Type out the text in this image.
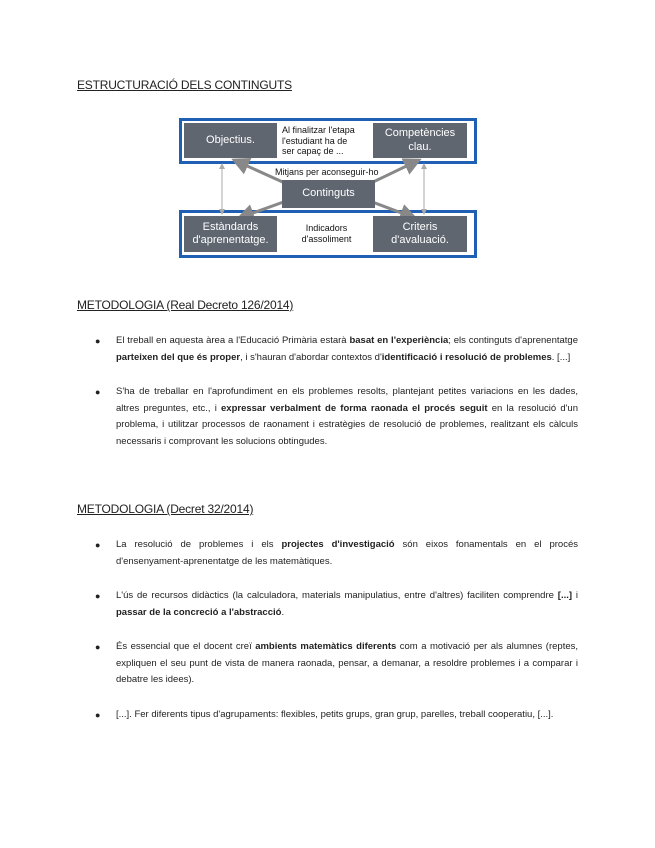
ESTRUCTURACIÓ DELS CONTINGUTS
Objectius.
Competències
clau.
Al finalitzar l'etapa
l'estudiant ha de
ser capaç de ...
Mitjans per aconseguir-ho
Continguts
Estàndards
d'aprenentatge.
Indicadors
d'assoliment
Criteris
d'avaluació.
METODOLOGIA (Real Decreto 126/2014)
● El treball en aquesta àrea a l'Educació Primària estarà basat en l'experiència; els continguts d'aprenentatge parteixen del que és proper, i s'hauran d'abordar contextos d'identificació i resolució de problemes. [...]
● S'ha de treballar en l'aprofundiment en els problemes resolts, plantejant petites variacions en les dades, altres preguntes, etc., i expressar verbalment de forma raonada el procés seguit en la resolució d'un problema, i utilitzar processos de raonament i estratègies de resolució de problemes, realitzant els càlculs necessaris i comprovant les solucions obtingudes.
METODOLOGIA (Decret 32/2014)
● La resolució de problemes i els projectes d'investigació són eixos fonamentals en el procés d'ensenyament-aprenentatge de les matemàtiques.
● L'ús de recursos didàctics (la calculadora, materials manipulatius, entre d'altres) faciliten comprendre [...] i passar de la concreció a l'abstracció.
● És essencial que el docent creï ambients matemàtics diferents com a motivació per als alumnes (reptes, expliquen el seu punt de vista de manera raonada, pensar, a demanar, a resoldre problemes i a comparar i debatre les idees).
● [...]. Fer diferents tipus d'agrupaments: flexibles, petits grups, gran grup, parelles, treball cooperatiu, [...].
